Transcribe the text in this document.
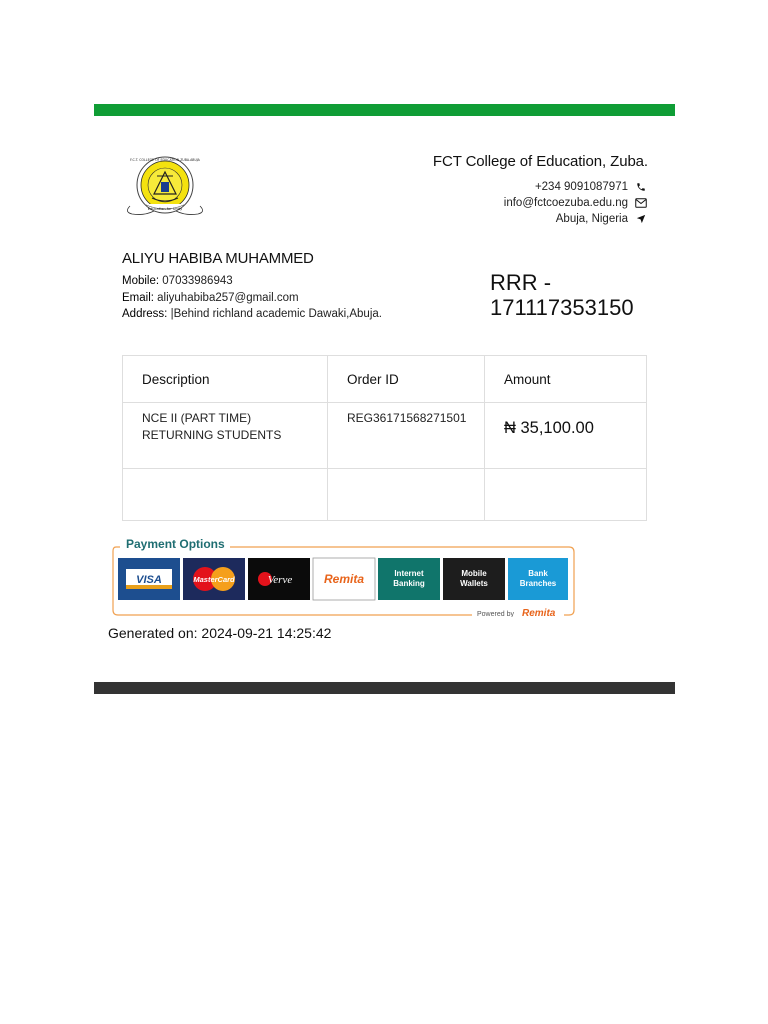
Education for Unity
F.C.T. COLLEGE OF EDUCATION ZUBA-ABUJA	FCT College of Education, Zuba.
+234 9091087971
info@fctcoezuba.edu.ng
Abuja, Nigeria
ALIYU HABIBA MUHAMMED
Mobile: 07033986943
Email: aliyuhabiba257@gmail.com
Address: |Behind richland academic Dawaki,Abuja.
RRR -
171117353150
Description	Order ID	Amount

NCE II (PART TIME)
RETURNING STUDENTS	REG36171568271501	₦ 35,100.00

Payment Options
VISA	MasterCard	Verve	Remita	Internet
Banking
Mobile
Wallets
Bank
Branches
Powered by Remita
Generated on: 2024-09-21 14:25:42
